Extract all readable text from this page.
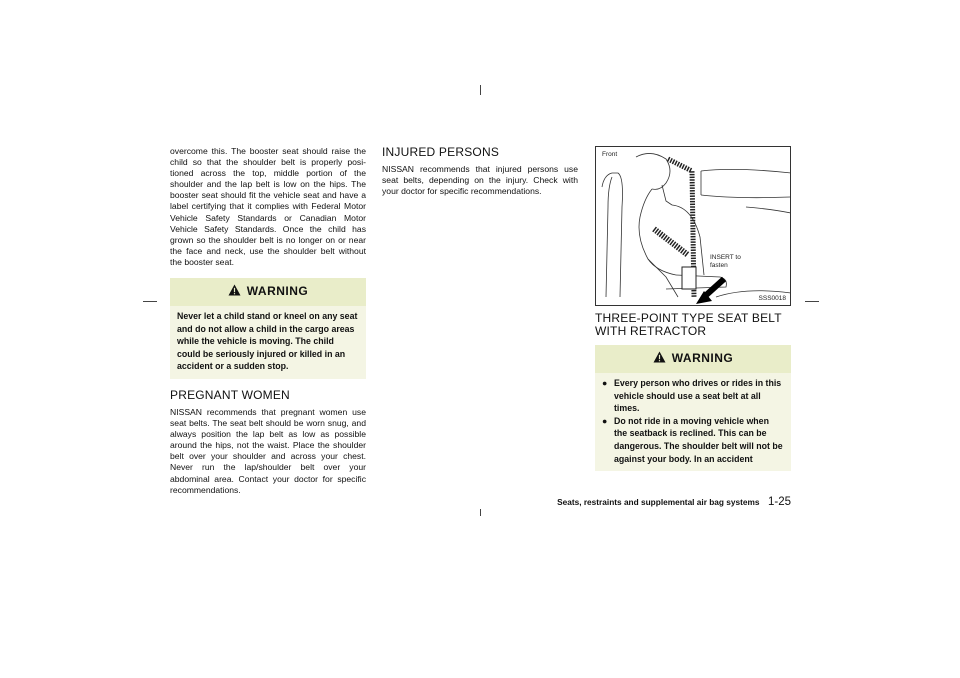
overcome this. The booster seat should raise the child so that the shoulder belt is properly posi-tioned across the top, middle portion of the shoulder and the lap belt is low on the hips. The booster seat should fit the vehicle seat and have a label certifying that it complies with Federal Motor Vehicle Safety Standards or Canadian Motor Vehicle Safety Standards. Once the child has grown so the shoulder belt is no longer on or near the face and neck, use the shoulder belt without the booster seat.

WARNING
Never let a child stand or kneel on any seat and do not allow a child in the cargo areas while the vehicle is moving. The child could be seriously injured or killed in an accident or a sudden stop.
PREGNANT WOMEN

NISSAN recommends that pregnant women use seat belts. The seat belt should be worn snug, and always position the lap belt as low as possible around the hips, not the waist. Place the shoulder belt over your shoulder and across your chest. Never run the lap/shoulder belt over your abdominal area. Contact your doctor for specific recommendations.

INJURED PERSONS

NISSAN recommends that injured persons use seat belts, depending on the injury. Check with your doctor for specific recommendations.

Front
INSERT to
fasten
SSS0018
THREE-POINT TYPE SEAT BELT
WITH RETRACTOR
WARNING
● Every person who drives or rides in this vehicle should use a seat belt at all times.
● Do not ride in a moving vehicle when the seatback is reclined. This can be dangerous. The shoulder belt will not be against your body. In an accident
Seats, restraints and supplemental air bag systems 1-25
